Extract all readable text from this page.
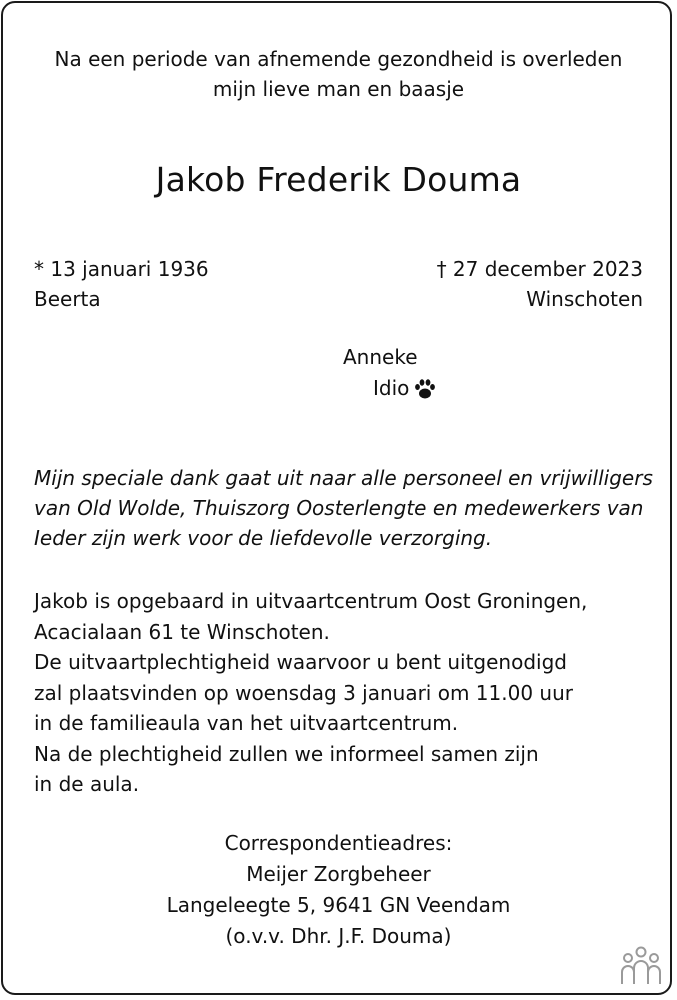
Na een periode van afnemende gezondheid is overleden
mijn lieve man en baasje
Jakob Frederik Douma
* 13 januari 1936
Beerta
† 27 december 2023
Winschoten
Anneke
Idio
Mijn speciale dank gaat uit naar alle personeel en vrijwilligers
van Old Wolde, Thuiszorg Oosterlengte en medewerkers van
Ieder zijn werk voor de liefdevolle verzorging.
Jakob is opgebaard in uitvaartcentrum Oost Groningen,
Acacialaan 61 te Winschoten.
De uitvaartplechtigheid waarvoor u bent uitgenodigd
zal plaatsvinden op woensdag 3 januari om 11.00 uur
in de familieaula van het uitvaartcentrum.
Na de plechtigheid zullen we informeel samen zijn
in de aula.
Correspondentieadres:
Meijer Zorgbeheer
Langeleegte 5, 9641 GN Veendam
(o.v.v. Dhr. J.F. Douma)
